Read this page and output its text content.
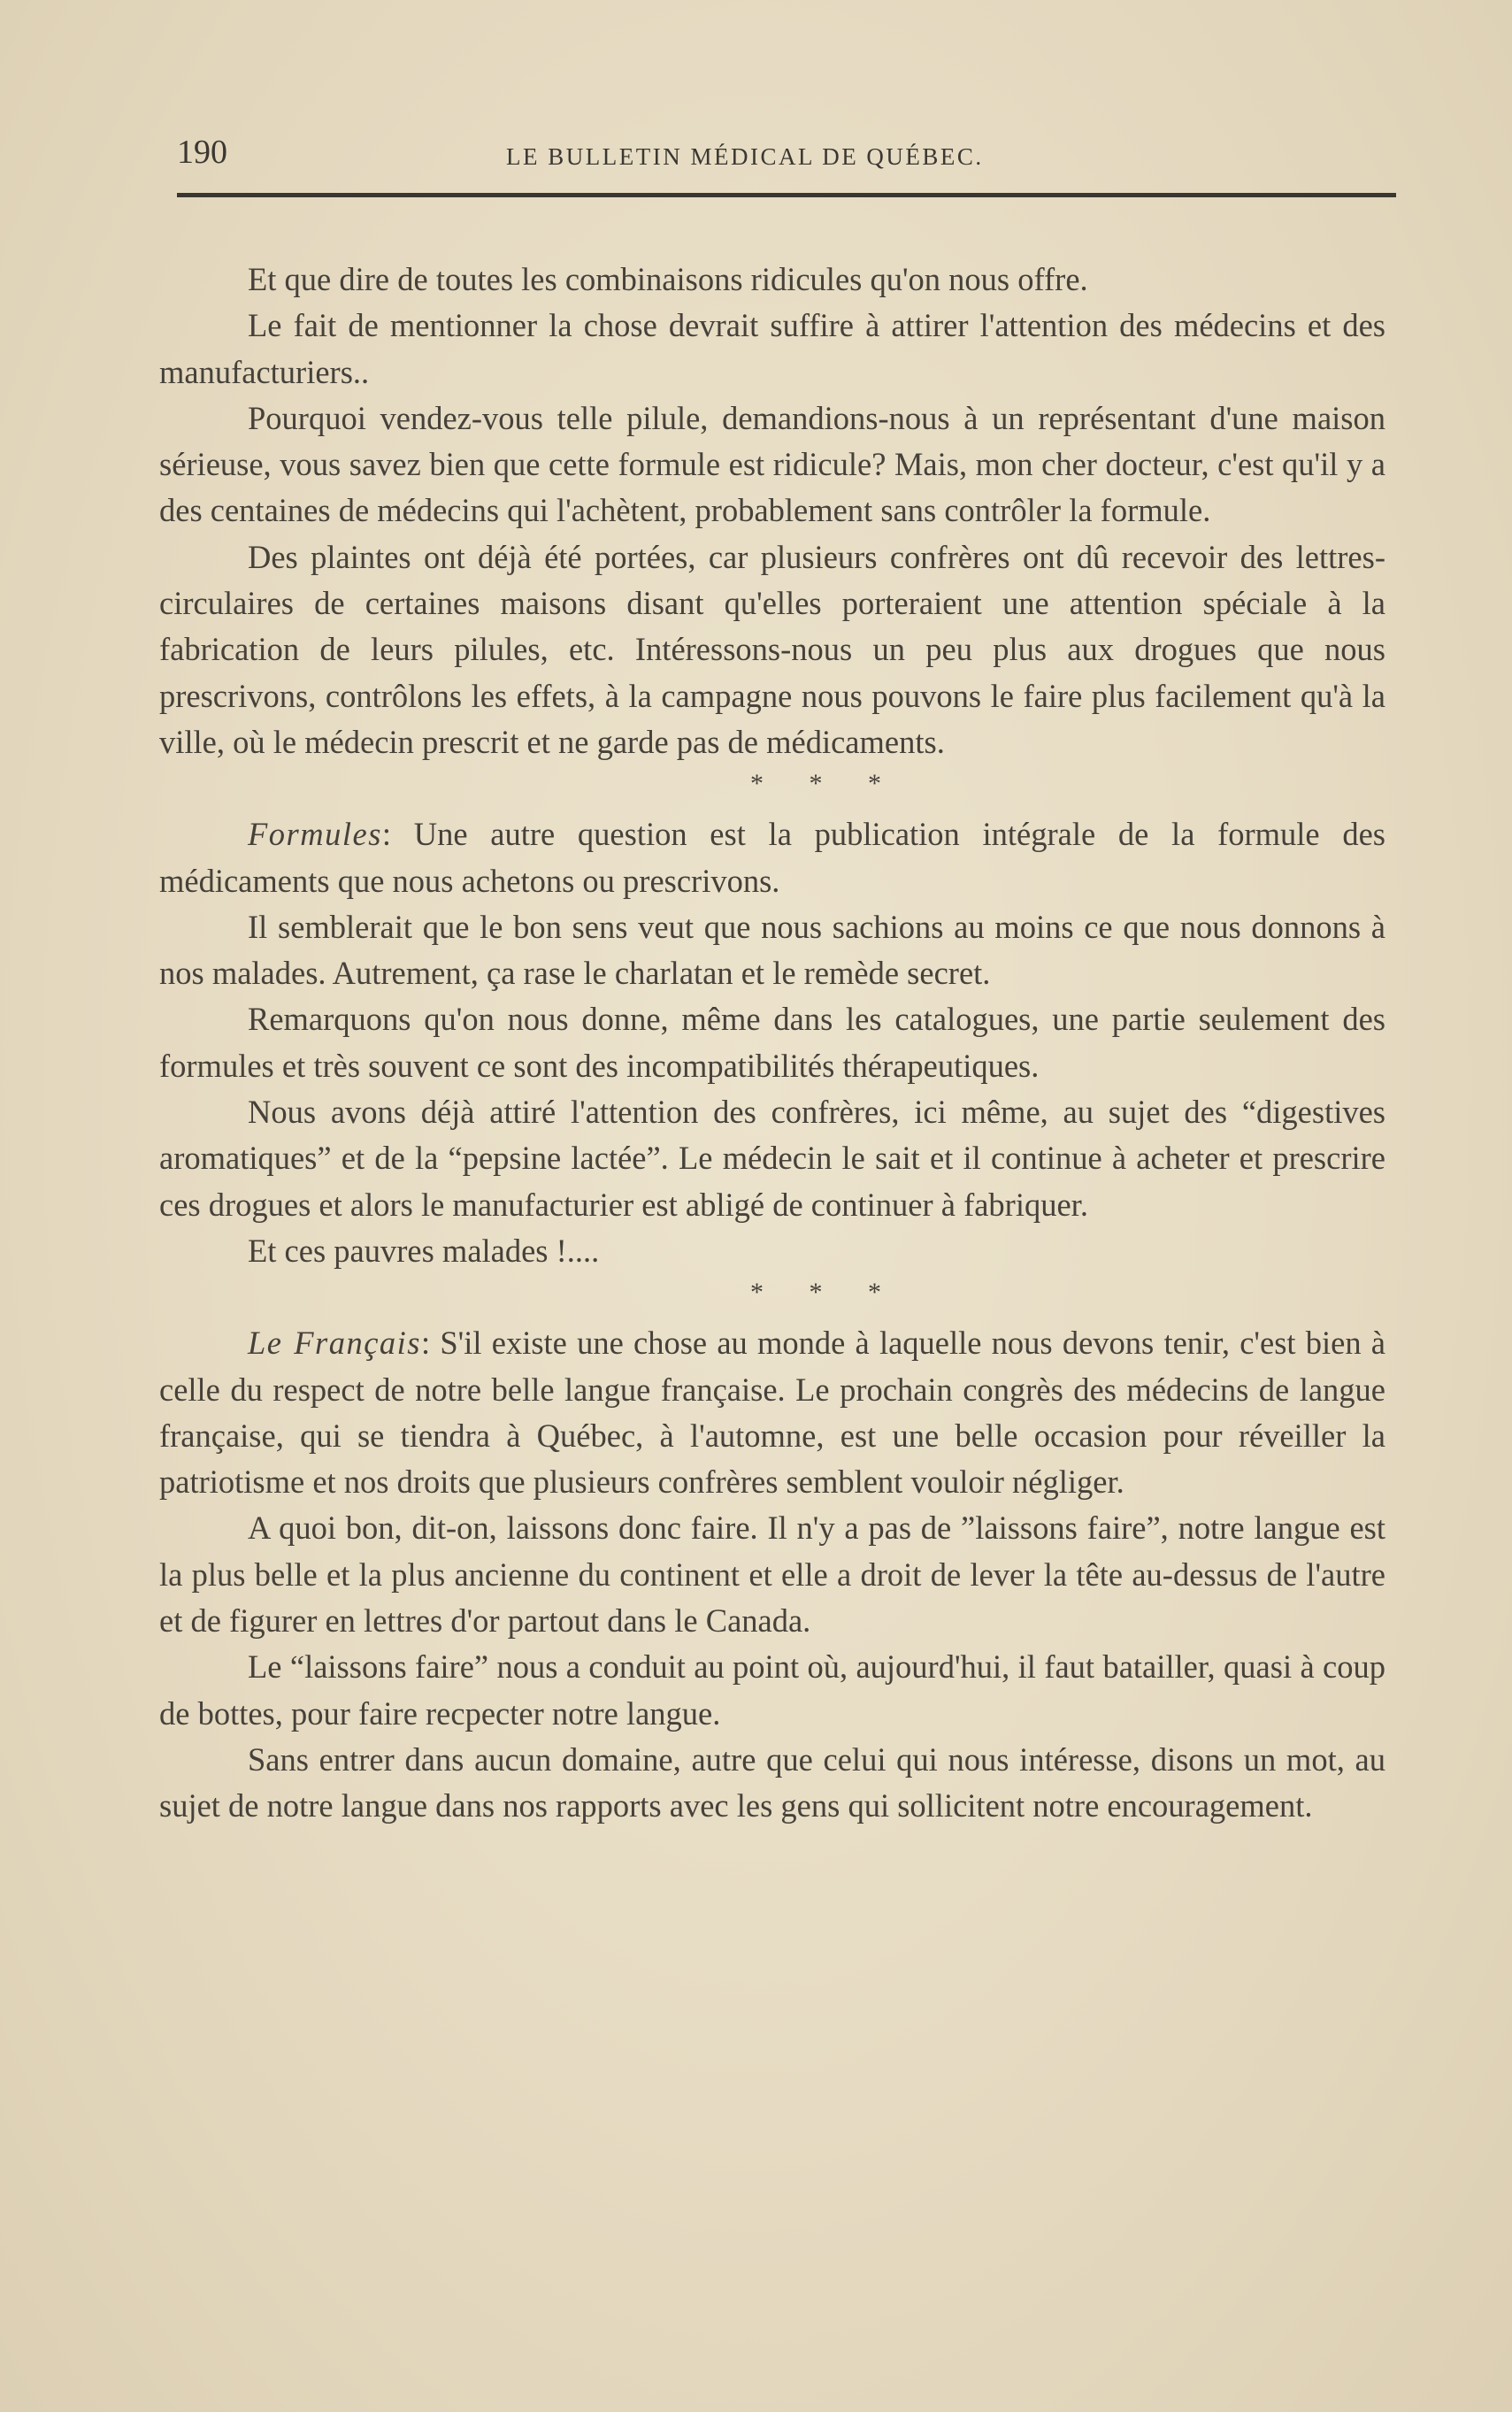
190	LE BULLETIN MÉDICAL DE QUÉBEC.

Et que dire de toutes les combinaisons ridicules qu'on nous offre.

Le fait de mentionner la chose devrait suffire à attirer l'attention des médecins et des manufacturiers..

Pourquoi vendez-vous telle pilule, demandions-nous à un représentant d'une maison sérieuse, vous savez bien que cette formule est ridicule? Mais, mon cher docteur, c'est qu'il y a des centaines de médecins qui l'achètent, probablement sans contrôler la formule.

Des plaintes ont déjà été portées, car plusieurs confrères ont dû recevoir des lettres-circulaires de certaines maisons disant qu'elles porteraient une attention spéciale à la fabrication de leurs pilules, etc. Intéressons-nous un peu plus aux drogues que nous prescrivons, contrôlons les effets, à la campagne nous pouvons le faire plus facilement qu'à la ville, où le médecin prescrit et ne garde pas de médicaments.

* * *

Formules: Une autre question est la publication intégrale de la formule des médicaments que nous achetons ou prescrivons.

Il semblerait que le bon sens veut que nous sachions au moins ce que nous donnons à nos malades. Autrement, ça rase le charlatan et le remède secret.

Remarquons qu'on nous donne, même dans les catalogues, une partie seulement des formules et très souvent ce sont des incompatibilités thérapeutiques.

Nous avons déjà attiré l'attention des confrères, ici même, au sujet des “digestives aromatiques” et de la “pepsine lactée”. Le médecin le sait et il continue à acheter et prescrire ces drogues et alors le manufacturier est abligé de continuer à fabriquer.

Et ces pauvres malades !....

* * *

Le Français: S'il existe une chose au monde à laquelle nous devons tenir, c'est bien à celle du respect de notre belle langue française. Le prochain congrès des médecins de langue française, qui se tiendra à Québec, à l'automne, est une belle occasion pour réveiller la patriotisme et nos droits que plusieurs confrères semblent vouloir négliger.

A quoi bon, dit-on, laissons donc faire. Il n'y a pas de ”laissons faire”, notre langue est la plus belle et la plus ancienne du continent et elle a droit de lever la tête au-dessus de l'autre et de figurer en lettres d'or partout dans le Canada.

Le “laissons faire” nous a conduit au point où, aujourd'hui, il faut batailler, quasi à coup de bottes, pour faire recpecter notre langue.

Sans entrer dans aucun domaine, autre que celui qui nous intéresse, disons un mot, au sujet de notre langue dans nos rapports avec les gens qui sollicitent notre encouragement.
